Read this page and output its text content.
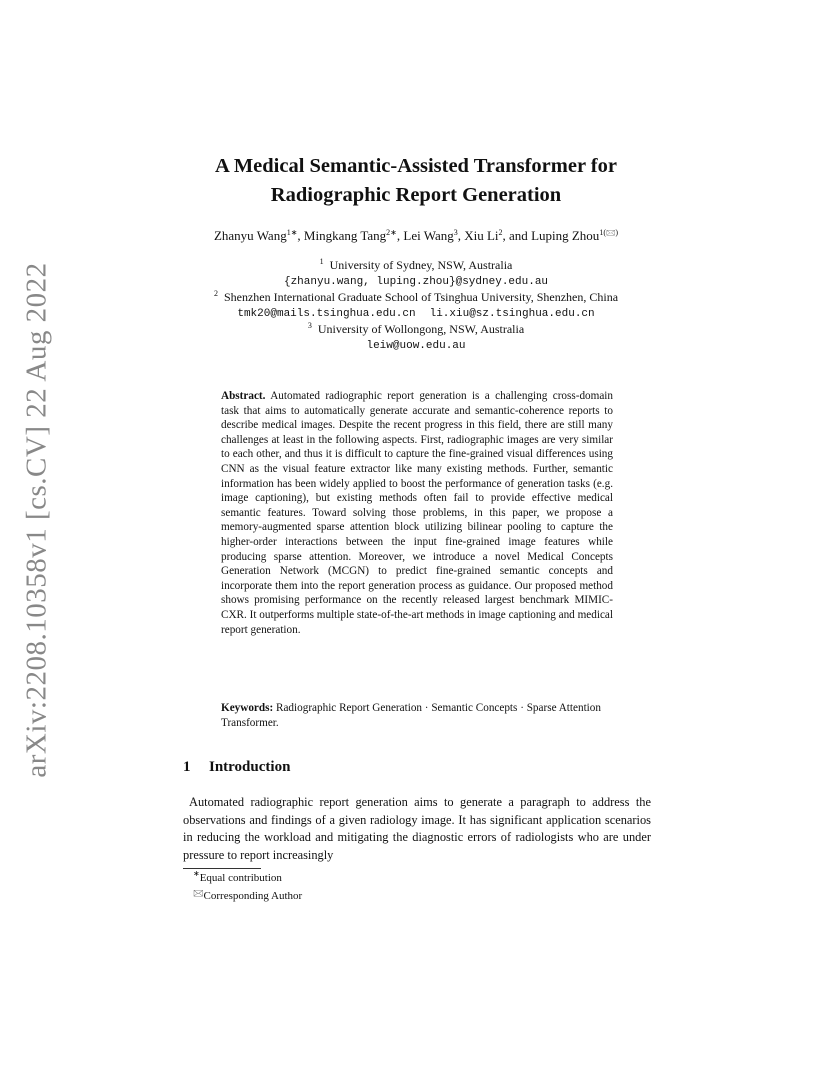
arXiv:2208.10358v1 [cs.CV] 22 Aug 2022
A Medical Semantic-Assisted Transformer for
Radiographic Report Generation
Zhanyu Wang$^{1∗}$, Mingkang Tang$^{2∗}$, Lei Wang$^3$, Xiu Li$^2$, and Luping Zhou$^{1(🖂)}$
$^1$ University of Sydney, NSW, Australia
{zhanyu.wang, luping.zhou}@sydney.edu.au
$^2$ Shenzhen International Graduate School of Tsinghua University, Shenzhen, China
tmk20@mails.tsinghua.edu.cn li.xiu@sz.tsinghua.edu.cn
$^3$ University of Wollongong, NSW, Australia
leiw@uow.edu.au
Abstract. Automated radiographic report generation is a challenging cross-domain task that aims to automatically generate accurate and semantic-coherence reports to describe medical images. Despite the recent progress in this field, there are still many challenges at least in the following aspects. First, radiographic images are very similar to each other, and thus it is difficult to capture the fine-grained visual differences using CNN as the visual feature extractor like many existing methods. Further, semantic information has been widely applied to boost the performance of generation tasks (e.g. image captioning), but existing methods often fail to provide effective medical semantic features. Toward solving those problems, in this paper, we propose a memory-augmented sparse attention block utilizing bilinear pooling to capture the higher-order interactions between the input fine-grained image features while producing sparse attention. Moreover, we introduce a novel Medical Concepts Generation Network (MCGN) to predict fine-grained semantic concepts and incorporate them into the report generation process as guidance. Our proposed method shows promising performance on the recently released largest benchmark MIMIC-CXR. It outperforms multiple state-of-the-art methods in image captioning and medical report generation.
Keywords: Radiographic Report Generation · Semantic Concepts · Sparse Attention Transformer.
1 Introduction
Automated radiographic report generation aims to generate a paragraph to address the observations and findings of a given radiology image. It has significant application scenarios in reducing the workload and mitigating the diagnostic errors of radiologists who are under pressure to report increasingly
∗Equal contribution
🖂Corresponding Author
